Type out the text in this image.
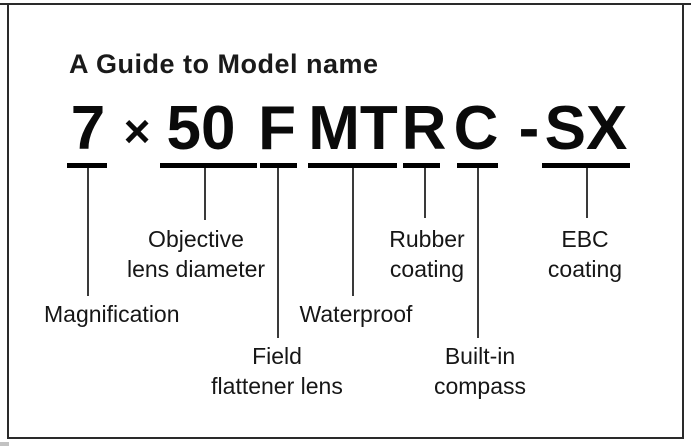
A Guide to Model name
7 × 50 F MT R C - SX
Objective
lens diameter
Rubber
coating
EBC
coating
Magnification	Waterproof
Field
flattener lens
Built-in
compass
